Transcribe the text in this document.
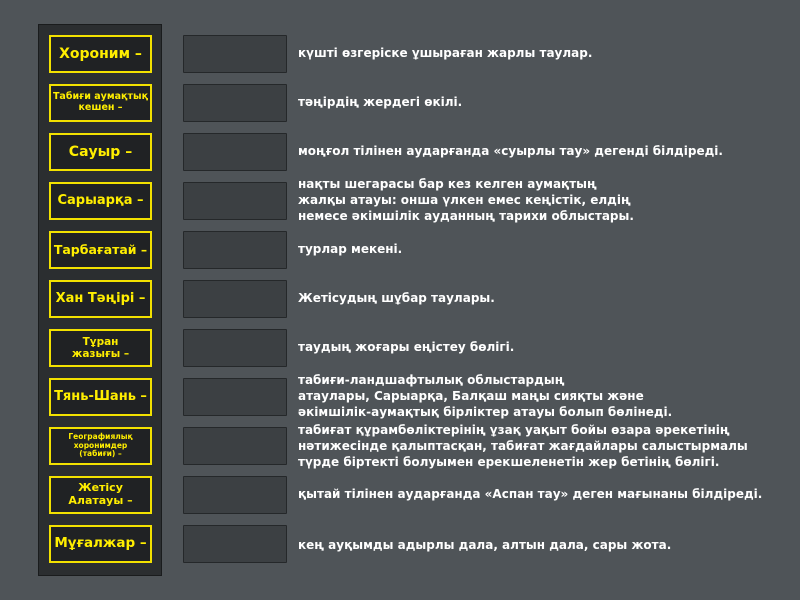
Хороним –
Табиғи аумақтық кешен –
Сауыр –
Сарыарқа –
Тарбағатай –
Хан Тәңірі –
Тұран жазығы –
Тянь-Шань –
Географиялық хоронимдер (табиғи) –
Жетісу Алатауы –
Мұғалжар –
күшті өзгеріске ұшыраған жарлы таулар.
тәңірдің жердегі өкілі.
моңғол тілінен аударғанда «суырлы тау» дегенді білдіреді.
нақты шегарасы бар кез келген аумақтың
жалқы атауы: онша үлкен емес кеңістік, елдің
немесе әкімшілік ауданның тарихи облыстары.
турлар мекені.
Жетісудың шұбар таулары.
таудың жоғары еңістеу бөлігі.
табиғи-ландшафтылық облыстардың
атаулары, Сарыарқа, Балқаш маңы сияқты және
әкімшілік-аумақтық бірліктер атауы болып бөлінеді.
табиғат құрамбөліктерінің ұзақ уақыт бойы өзара әрекетінің
нәтижесінде қалыптасқан, табиғат жағдайлары салыстырмалы
түрде біртекті болуымен ерекшеленетін жер бетінің бөлігі.
қытай тілінен аударғанда «Аспан тау» деген мағынаны білдіреді.
кең ауқымды адырлы дала, алтын дала, сары жота.
